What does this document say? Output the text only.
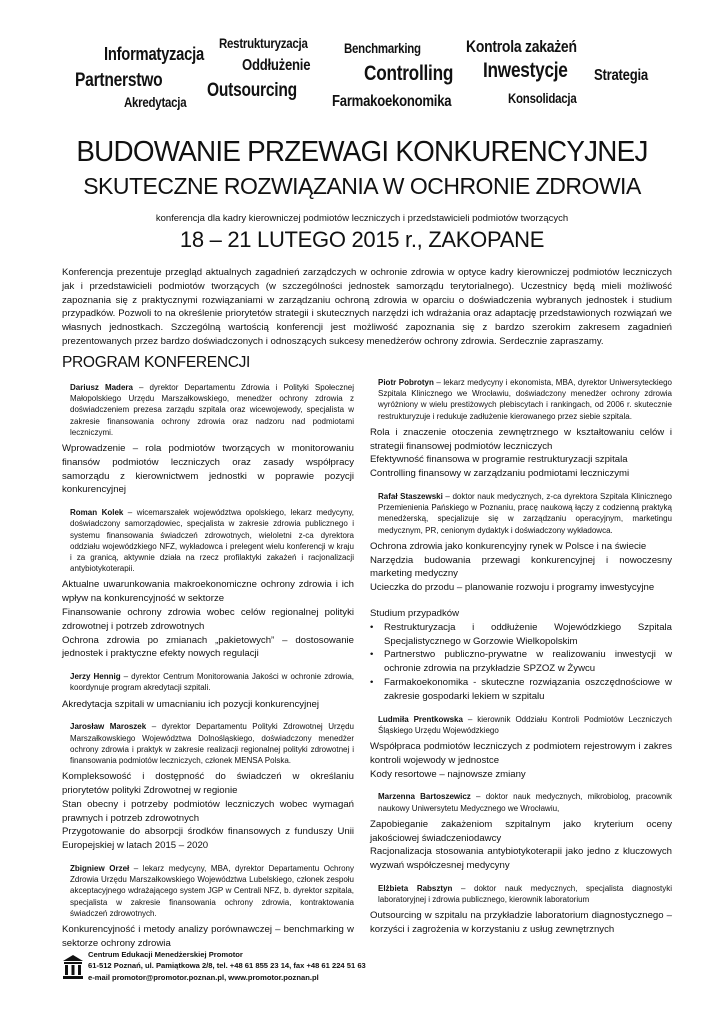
Informatyzacja
Restrukturyzacja	Benchmarking	Kontrola zakażeń
Oddłużenie
Partnerstwo	Controlling Inwestycje Strategia
Outsourcing
Akredytacja	Farmakoekonomika	Konsolidacja
BUDOWANIE PRZEWAGI KONKURENCYJNEJ
SKUTECZNE ROZWIĄZANIA W OCHRONIE ZDROWIA
konferencja dla kadry kierowniczej podmiotów leczniczych i przedstawicieli podmiotów tworzących
18 – 21 LUTEGO 2015 r., ZAKOPANE
Konferencja prezentuje przegląd aktualnych zagadnień zarządczych w ochronie zdrowia w optyce kadry kierowniczej podmiotów leczniczych jak i przedstawicieli podmiotów tworzących (w szczególności jednostek samorządu terytorialnego). Uczestnicy będą mieli możliwość zapoznania się z praktycznymi rozwiązaniami w zarządzaniu ochroną zdrowia w oparciu o doświadczenia wybranych jednostek i studium przypadków. Pozwoli to na określenie priorytetów strategii i skutecznych narzędzi ich wdrażania oraz adaptację przedstawionych rozwiązań we własnych jednostkach. Szczególną wartością konferencji jest możliwość zapoznania się z bardzo szerokim zakresem zagadnień prezentowanych przez bardzo doświadczonych i odnoszących sukcesy menedżerów ochrony zdrowia. Serdecznie zapraszamy.
PROGRAM KONFERENCJI
Dariusz Madera – dyrektor Departamentu Zdrowia i Polityki Społecznej Małopolskiego Urzędu Marszałkowskiego, menedżer ochrony zdrowia z doświadczeniem prezesa zarządu szpitala oraz wicewojewody, specjalista w zakresie finansowania ochrony zdrowia oraz nadzoru nad podmiotami leczniczymi.
Wprowadzenie – rola podmiotów tworzących w monitorowaniu finansów podmiotów leczniczych oraz zasady współpracy samorządu z kierownictwem jednostki w poprawie pozycji konkurencyjnej
Roman Kolek – wicemarszałek województwa opolskiego, lekarz medycyny, doświadczony samorządowiec, specjalista w zakresie zdrowia publicznego i systemu finansowania świadczeń zdrowotnych, wieloletni z-ca dyrektora oddziału wojewódzkiego NFZ, wykładowca i prelegent wielu konferencji w kraju i za granicą, aktywnie działa na rzecz profilaktyki zakażeń i racjonalizacji antybiotykoterapii.
Aktualne uwarunkowania makroekonomiczne ochrony zdrowia i ich wpływ na konkurencyjność w sektorze
Finansowanie ochrony zdrowia wobec celów regionalnej polityki zdrowotnej i potrzeb zdrowotnych
Ochrona zdrowia po zmianach „pakietowych” – dostosowanie jednostek i praktyczne efekty nowych regulacji
Jerzy Hennig – dyrektor Centrum Monitorowania Jakości w ochronie zdrowia, koordynuje program akredytacji szpitali.
Akredytacja szpitali w umacnianiu ich pozycji konkurencyjnej
Jarosław Maroszek – dyrektor Departamentu Polityki Zdrowotnej Urzędu Marszałkowskiego Województwa Dolnośląskiego, doświadczony menedżer ochrony zdrowia i praktyk w zakresie realizacji regionalnej polityki zdrowotnej i finansowania podmiotów leczniczych, członek MENSA Polska.
Kompleksowość i dostępność do świadczeń w określaniu priorytetów polityki Zdrowotnej w regionie
Stan obecny i potrzeby podmiotów leczniczych wobec wymagań prawnych i potrzeb zdrowotnych
Przygotowanie do absorpcji środków finansowych z funduszy Unii Europejskiej w latach 2015 – 2020
Zbigniew Orzeł – lekarz medycyny, MBA, dyrektor Departamentu Ochrony Zdrowia Urzędu Marszałkowskiego Województwa Lubelskiego, członek zespołu akceptacyjnego wdrażającego system JGP w Centrali NFZ, b. dyrektor szpitala, specjalista w zakresie finansowania ochrony zdrowia, kontraktowania świadczeń zdrowotnych.
Konkurencyjność i metody analizy porównawczej – benchmarking w sektorze ochrony zdrowia
Piotr Pobrotyn – lekarz medycyny i ekonomista, MBA, dyrektor Uniwersyteckiego Szpitala Klinicznego we Wrocławiu, doświadczony menedżer ochrony zdrowia wyróżniony w wielu prestiżowych plebiscytach i rankingach, od 2006 r. skutecznie restrukturyzuje i redukuje zadłużenie kierowanego przez siebie szpitala.
Rola i znaczenie otoczenia zewnętrznego w kształtowaniu celów i strategii finansowej podmiotów leczniczych
Efektywność finansowa w programie restrukturyzacji szpitala
Controlling finansowy w zarządzaniu podmiotami leczniczymi
Rafał Staszewski – doktor nauk medycznych, z-ca dyrektora Szpitala Klinicznego Przemienienia Pańskiego w Poznaniu, pracę naukową łączy z codzienną praktyką menedżerską, specjalizuje się w zarządzaniu operacyjnym, marketingu medycznym, PR, cenionym dydaktyk i doświadczony wykładowca.
Ochrona zdrowia jako konkurencyjny rynek w Polsce i na świecie
Narzędzia budowania przewagi konkurencyjnej i nowoczesny marketing medyczny
Ucieczka do przodu – planowanie rozwoju i programy inwestycyjne
Studium przypadków
•	Restrukturyzacja i oddłużenie Wojewódzkiego Szpitala Specjalistycznego w Gorzowie Wielkopolskim
•	Partnerstwo publiczno-prywatne w realizowaniu inwestycji w ochronie zdrowia na przykładzie SPZOZ w Żywcu
•	Farmakoekonomika - skuteczne rozwiązania oszczędnościowe w zakresie gospodarki lekiem w szpitalu
Ludmiła Prentkowska – kierownik Oddziału Kontroli Podmiotów Leczniczych Śląskiego Urzędu Wojewódzkiego
Współpraca podmiotów leczniczych z podmiotem rejestrowym i zakres kontroli wojewody w jednostce
Kody resortowe – najnowsze zmiany
Marzenna Bartoszewicz – doktor nauk medycznych, mikrobiolog, pracownik naukowy Uniwersytetu Medycznego we Wrocławiu,
Zapobieganie zakażeniom szpitalnym jako kryterium oceny jakościowej świadczeniodawcy
Racjonalizacja stosowania antybiotykoterapii jako jedno z kluczowych wyzwań współczesnej medycyny
Elżbieta Rabsztyn – doktor nauk medycznych, specjalista diagnostyki laboratoryjnej i zdrowia publicznego, kierownik laboratorium
Outsourcing w szpitalu na przykładzie laboratorium diagnostycznego – korzyści i zagrożenia w korzystaniu z usług zewnętrznych
Centrum Edukacji Menedżerskiej Promotor
61-512 Poznań, ul. Pamiątkowa 2/8, tel. +48 61 855 23 14, fax +48 61 224 51 63
e-mail promotor@promotor.poznan.pl, www.promotor.poznan.pl
